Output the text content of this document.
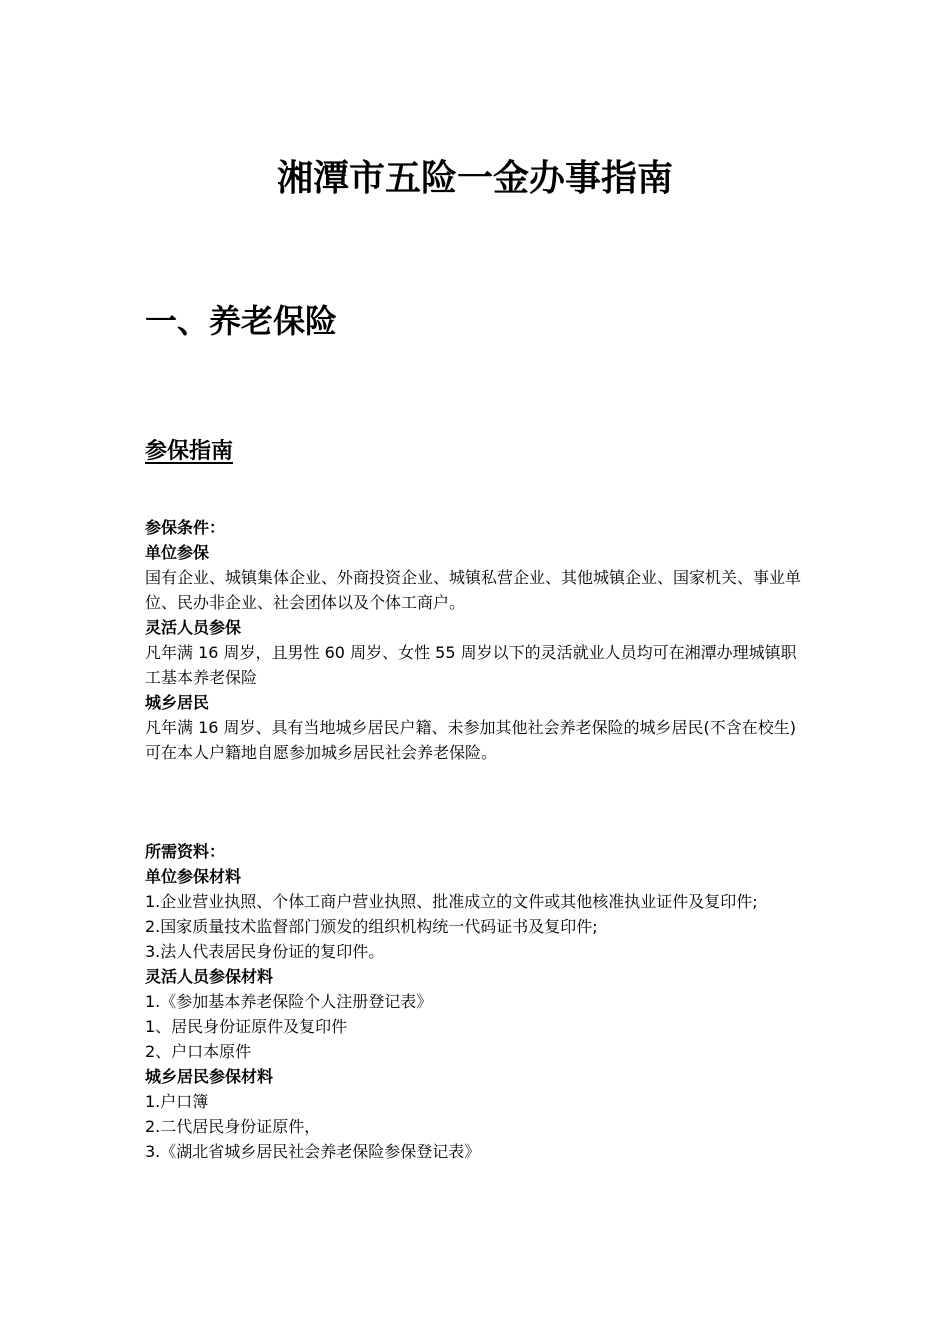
湘潭市五险一金办事指南
一、养老保险
参保指南

参保条件：

单位参保

国有企业、城镇集体企业、外商投资企业、城镇私营企业、其他城镇企业、国家机关、事业单位、民办非企业、社会团体以及个体工商户。

灵活人员参保

凡年满 16 周岁，且男性 60 周岁、女性 55 周岁以下的灵活就业人员均可在湘潭办理城镇职工基本养老保险

城乡居民

凡年满 16 周岁、具有当地城乡居民户籍、未参加其他社会养老保险的城乡居民(不含在校生)

可在本人户籍地自愿参加城乡居民社会养老保险。

所需资料：

单位参保材料

1.企业营业执照、个体工商户营业执照、批准成立的文件或其他核准执业证件及复印件;

2.国家质量技术监督部门颁发的组织机构统一代码证书及复印件;

3.法人代表居民身份证的复印件。

灵活人员参保材料

1.《参加基本养老保险个人注册登记表》

1、居民身份证原件及复印件

2、户口本原件

城乡居民参保材料

1.户口簿

2.二代居民身份证原件，

3.《湖北省城乡居民社会养老保险参保登记表》
